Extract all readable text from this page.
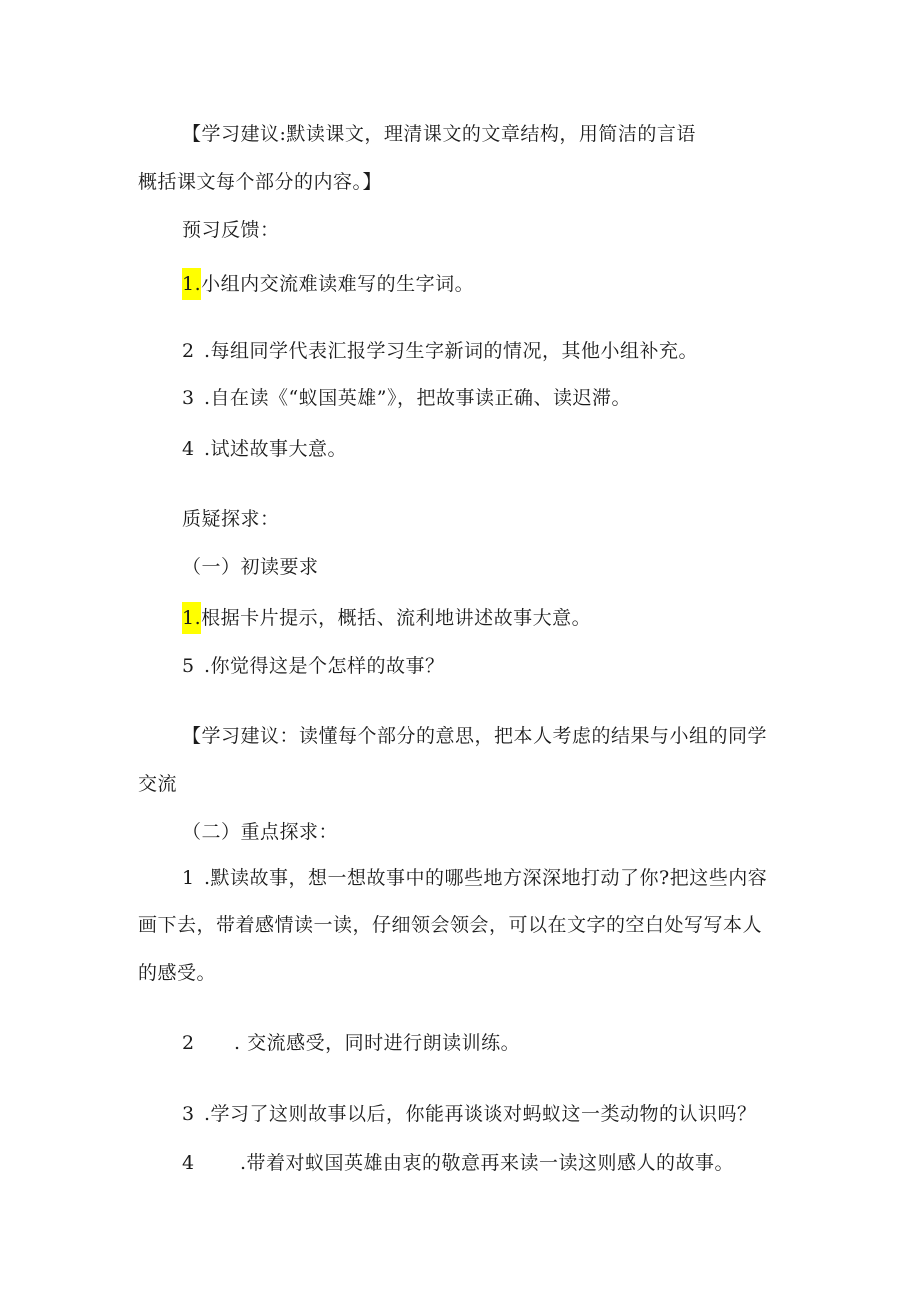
【学习建议:默读课文，理清课文的文章结构，用简洁的言语
概括课文每个部分的内容。】
预习反馈：
1.小组内交流难读难写的生字词。
2 .每组同学代表汇报学习生字新词的情况，其他小组补充。
3 .自在读《“蚁国英雄”》，把故事读正确、读迟滞。
4 .试述故事大意。
质疑探求：
（一）初读要求
1.根据卡片提示，概括、流利地讲述故事大意。
5 .你觉得这是个怎样的故事？
【学习建议：读懂每个部分的意思，把本人考虑的结果与小组的同学
交流
（二）重点探求：
1 .默读故事，想一想故事中的哪些地方深深地打动了你?把这些内容
画下去，带着感情读一读，仔细领会领会，可以在文字的空白处写写本人
的感受。
2 . 交流感受，同时进行朗读训练。
3 .学习了这则故事以后，你能再谈谈对蚂蚁这一类动物的认识吗？
4 .带着对蚁国英雄由衷的敬意再来读一读这则感人的故事。
